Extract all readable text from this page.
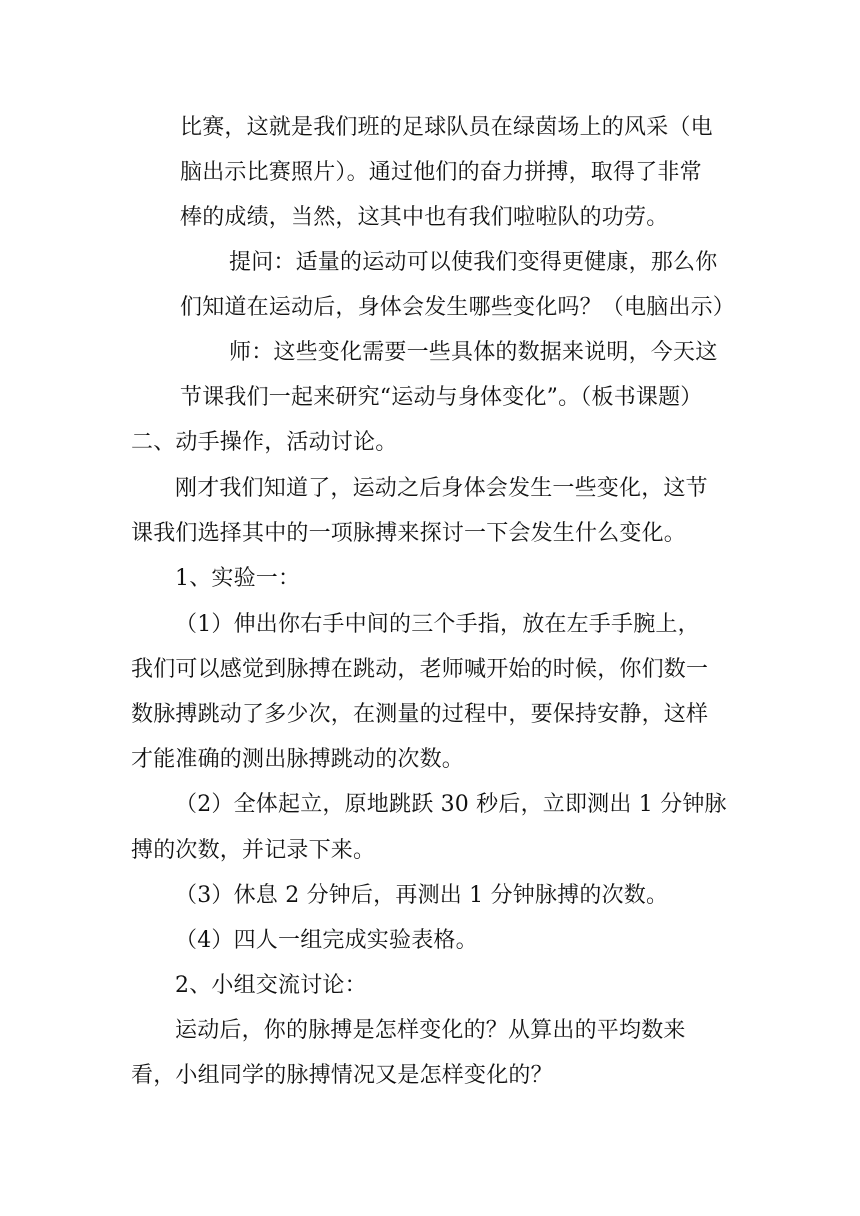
比赛，这就是我们班的足球队员在绿茵场上的风采（电
脑出示比赛照片）。通过他们的奋力拼搏，取得了非常
棒的成绩，当然，这其中也有我们啦啦队的功劳。
提问：适量的运动可以使我们变得更健康，那么你
们知道在运动后，身体会发生哪些变化吗？（电脑出示）
师：这些变化需要一些具体的数据来说明，今天这
节课我们一起来研究“运动与身体变化”。（板书课题）
二、动手操作，活动讨论。
刚才我们知道了，运动之后身体会发生一些变化，这节
课我们选择其中的一项脉搏来探讨一下会发生什么变化。
1、实验一：
（1）伸出你右手中间的三个手指，放在左手手腕上，
我们可以感觉到脉搏在跳动，老师喊开始的时候，你们数一
数脉搏跳动了多少次，在测量的过程中，要保持安静，这样
才能准确的测出脉搏跳动的次数。
（2）全体起立，原地跳跃 30 秒后，立即测出 1 分钟脉
搏的次数，并记录下来。
（3）休息 2 分钟后，再测出 1 分钟脉搏的次数。
（4）四人一组完成实验表格。
2、小组交流讨论：
运动后，你的脉搏是怎样变化的？从算出的平均数来
看，小组同学的脉搏情况又是怎样变化的？
